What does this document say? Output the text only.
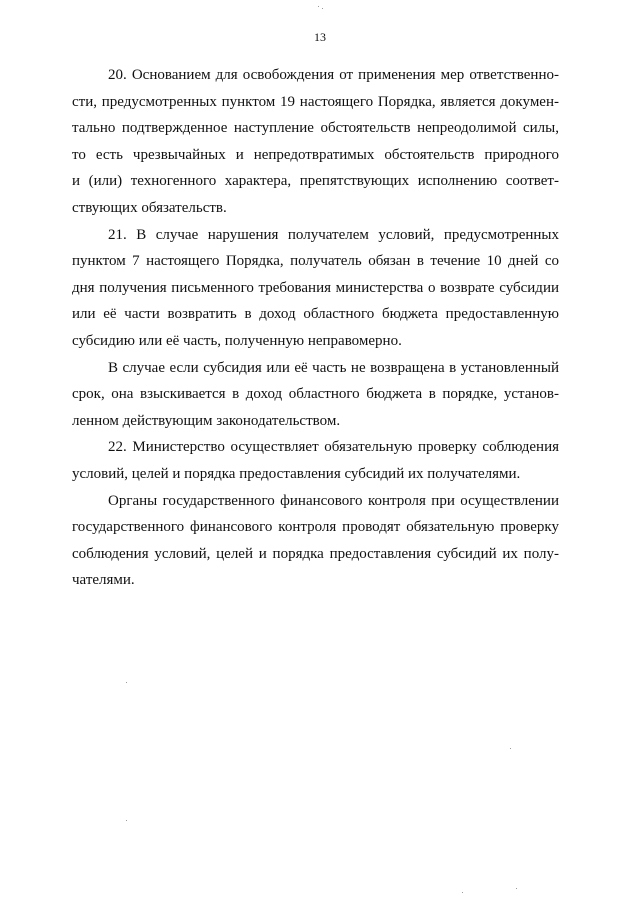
13

20. Основанием для освобождения от применения мер ответственно-
сти, предусмотренных пунктом 19 настоящего Порядка, является докумен-
тально подтвержденное наступление обстоятельств непреодолимой силы,
то есть чрезвычайных и непредотвратимых обстоятельств природного
и (или) техногенного характера, препятствующих исполнению соответ-
ствующих обязательств.

21. В случае нарушения получателем условий, предусмотренных
пунктом 7 настоящего Порядка, получатель обязан в течение 10 дней со
дня получения письменного требования министерства о возврате субсидии
или её части возвратить в доход областного бюджета предоставленную
субсидию или её часть, полученную неправомерно.

В случае если субсидия или её часть не возвращена в установленный
срок, она взыскивается в доход областного бюджета в порядке, установ-
ленном действующим законодательством.

22. Министерство осуществляет обязательную проверку соблюдения
условий, целей и порядка предоставления субсидий их получателями.

Органы государственного финансового контроля при осуществлении
государственного финансового контроля проводят обязательную проверку
соблюдения условий, целей и порядка предоставления субсидий их полу-
чателями.
